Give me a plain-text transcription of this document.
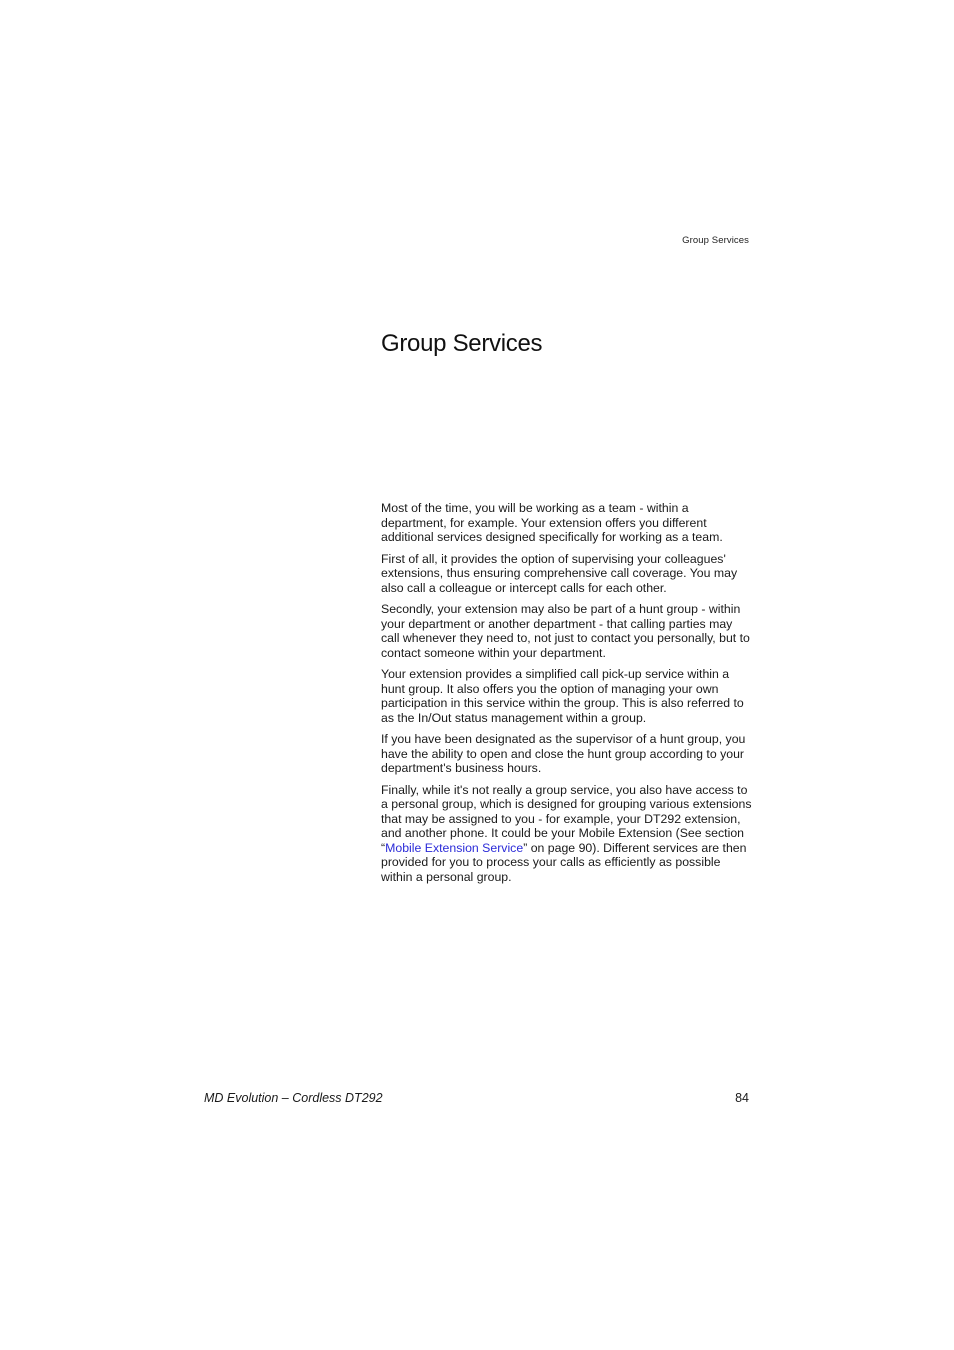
Group Services
Group Services

Most of the time, you will be working as a team - within a department, for example. Your extension offers you different additional services designed specifically for working as a team.

First of all, it provides the option of supervising your colleagues' extensions, thus ensuring comprehensive call coverage. You may also call a colleague or intercept calls for each other.

Secondly, your extension may also be part of a hunt group - within your department or another department - that calling parties may call whenever they need to, not just to contact you personally, but to contact someone within your department.

Your extension provides a simplified call pick-up service within a hunt group. It also offers you the option of managing your own participation in this service within the group. This is also referred to as the In/Out status management within a group.

If you have been designated as the supervisor of a hunt group, you have the ability to open and close the hunt group according to your department's business hours.

Finally, while it's not really a group service, you also have access to a personal group, which is designed for grouping various extensions that may be assigned to you - for example, your DT292 extension, and another phone. It could be your Mobile Extension (See section “Mobile Extension Service” on page 90). Different services are then provided for you to process your calls as efficiently as possible within a personal group.

MD Evolution – Cordless DT292	84
